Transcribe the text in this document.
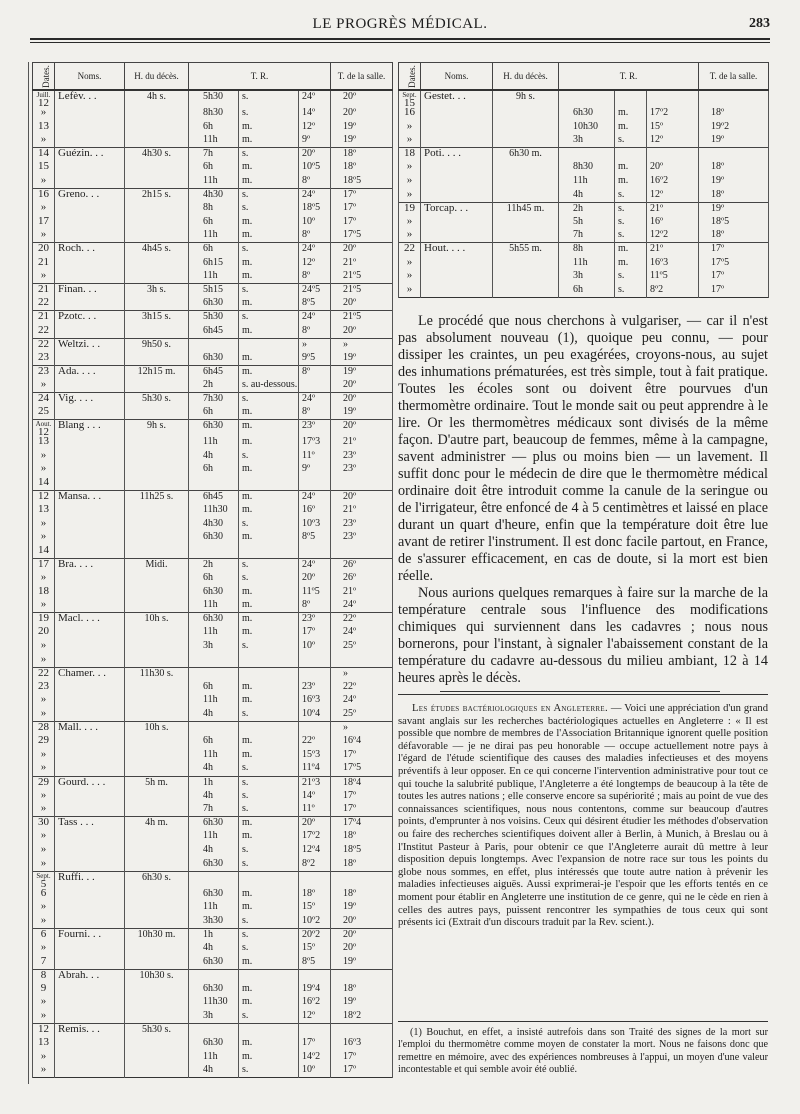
LE PROGRÈS MÉDICAL.	283
Dates.	Noms.	H. du décès.	T. R.			T. de la salle.

Juill.
12	Lefèv. . .	4h s.	5h30	s.	24º	20º
»			8h30	s.	14º	20º
13			6h	m.	12º	19º
»			11h	m.	9º	19º
14	Guézin. . .	4h30 s.	7h	s.	20º	18º
15			6h	m.	10º5	18º
»			11h	m.	8º	18º5
16	Greno. . .	2h15 s.	4h30	s.	24º	17º
»			8h	s.	18º5	17º
17			6h	m.	10º	17º
»			11h	m.	8º	17º5
20	Roch. . .	4h45 s.	6h	s.	24º	20º
21			6h15	m.	12º	21º
»			11h	m.	8º	21º5
21	Finan. . .	3h s.	5h15	s.	24º5	21º5
22			6h30	m.	8º5	20º
21	Pzotc. . .	3h15 s.	5h30	s.	24º	21º5
22			6h45	m.	8º	20º
22	Weltzi. . .	9h50 s.			»	»
23			6h30	m.	9º5	19º
23	Ada. . . .	12h15 m.	6h45	m.	8º	19º
»			2h	s. au-dessous.		20º
24	Vig. . . .	5h30 s.	7h30	s.	24º	20º
25			6h	m.	8º	19º

Aout.
12	Blang . . .	9h s.	6h30	m.	23º	20º
13			11h	m.	17º3	21º
»			4h	s.	11º	23º
»			6h	m.	9º	23º
14						
12	Mansa. . .	11h25 s.	6h45	m.	24º	20º
13			11h30	m.	16º	21º
»			4h30	s.	10º3	23º
»			6h30	m.	8º5	23º
14						
17	Bra. . . .	Midi.	2h	s.	24º	26º
»			6h	s.	20º	26º
18			6h30	m.	11º5	21º
»			11h	m.	8º	24º
19	Macl. . . .	10h s.	6h30	m.	23º	22º
20			11h	m.	17º	24º
»			3h	s.	10º	25º
»						
22	Chamer. . .	11h30 s.				»
23			6h	m.	23º	22º
»			11h	m.	16º3	24º
»			4h	s.	10º4	25º
28	Mall. . . .	10h s.				»
29			6h	m.	22º	16º4
»			11h	m.	15º3	17º
»			4h	s.	11º4	17º5
29	Gourd. . . .	5h m.	1h	s.	21º3	18º4
»			4h	s.	14º	17º
»			7h	s.	11º	17º
30	Tass . . .	4h m.	6h30	m.	20º	17º4
»			11h	m.	17º2	18º
»			4h	s.	12º4	18º5
»			6h30	s.	8º2	18º

Sept.
5	Ruffi. . .	6h30 s.				
6			6h30	m.	18º	18º
»			11h	m.	15º	19º
»			3h30	s.	10º2	20º
6	Fourni. . .	10h30 m.	1h	s.	20º2	20º
»			4h	s.	15º	20º
7			6h30	m.	8º5	19º
8	Abrah. . .	10h30 s.				
9			6h30	m.	19º4	18º
»			11h30	m.	16º2	19º
»			3h	s.	12º	18º2
12	Remis. . .	5h30 s.				
13			6h30	m.	17º	16º3
»			11h	m.	14º2	17º
»			4h	s.	10º	17º
Dates.	Noms.	H. du décès.	T. R.			T. de la salle.

Sept.
15	Gestet. . .	9h s.				
16			6h30	m.	17º2	18º
»			10h30	m.	15º	19º2
»			3h	s.	12º	19º
18	Poti. . . .	6h30 m.				
»			8h30	m.	20º	18º
»			11h	m.	16º2	19º
»			4h	s.	12º	18º
19	Torcap. . .	11h45 m.	2h	s.	21º	19º
»			5h	s.	16º	18º5
»			7h	s.	12º2	18º
22	Hout. . . .	5h55 m.	8h	m.	21º	17º
»			11h	m.	16º3	17º5
»			3h	s.	11º5	17º
»			6h	s.	8º2	17º

Le procédé que nous cherchons à vulgariser, — car il n'est pas absolument nouveau (1), quoique peu connu, — pour dissiper les craintes, un peu exagérées, croyons-nous, au sujet des inhumations prématurées, est très simple, tout à fait pratique. Toutes les écoles sont ou doivent être pourvues d'un thermomètre ordinaire. Tout le monde sait ou peut apprendre à le lire. Or les thermomètres médicaux sont divisés de la même façon. D'autre part, beaucoup de femmes, même à la campagne, savent administrer — plus ou moins bien — un lavement. Il suffit donc pour le médecin de dire que le thermomètre médical ordinaire doit être introduit comme la canule de la seringue ou de l'irrigateur, être enfoncé de 4 à 5 centimètres et laissé en place durant un quart d'heure, enfin que la température doit être lue avant de retirer l'instrument. Il est donc facile partout, en France, de s'assurer efficacement, en cas de doute, si la mort est bien réelle.

Nous aurions quelques remarques à faire sur la marche de la température centrale sous l'influence des modifications chimiques qui surviennent dans les cadavres ; nous nous bornerons, pour l'instant, à signaler l'abaissement constant de la température du cadavre au-dessous du milieu ambiant, 12 à 14 heures après le décès.

Les études bactériologiques en Angleterre. — Voici une appréciation d'un grand savant anglais sur les recherches bactériologiques actuelles en Angleterre : « Il est possible que nombre de membres de l'Association Britannique ignorent quelle position défavorable — je ne dirai pas peu honorable — occupe actuellement notre pays à l'égard de l'étude scientifique des causes des maladies infectieuses et des moyens préventifs à leur opposer. En ce qui concerne l'intervention administrative pour tout ce qui touche la salubrité publique, l'Angleterre a été longtemps de beaucoup à la tête de toutes les autres nations ; elle conserve encore sa supériorité ; mais au point de vue des connaissances scientifiques, nous nous contentons, comme sur beaucoup d'autres points, d'emprunter à nos voisins. Ceux qui désirent étudier les méthodes d'observation ou faire des recherches scientifiques doivent aller à Berlin, à Munich, à Breslau ou à l'Institut Pasteur à Paris, pour obtenir ce que l'Angleterre aurait dû mettre à leur disposition depuis longtemps. Avec l'expansion de notre race sur tous les points du globe nous sommes, en effet, plus intéressés que toute autre nation à prévenir les maladies infectieuses aiguës. Aussi exprimerai-je l'espoir que les efforts tentés en ce moment pour établir en Angleterre une institution de ce genre, qui ne le cède en rien à celles des autres pays, puissent rencontrer les sympathies de tous ceux qui sont présents ici (Extrait d'un discours traduit par la Rev. scient.).

(1) Bouchut, en effet, a insisté autrefois dans son Traité des signes de la mort sur l'emploi du thermomètre comme moyen de constater la mort. Nous ne faisons donc que remettre en mémoire, avec des expériences nombreuses à l'appui, un moyen d'une valeur incontestable et qui semble avoir été oublié.
